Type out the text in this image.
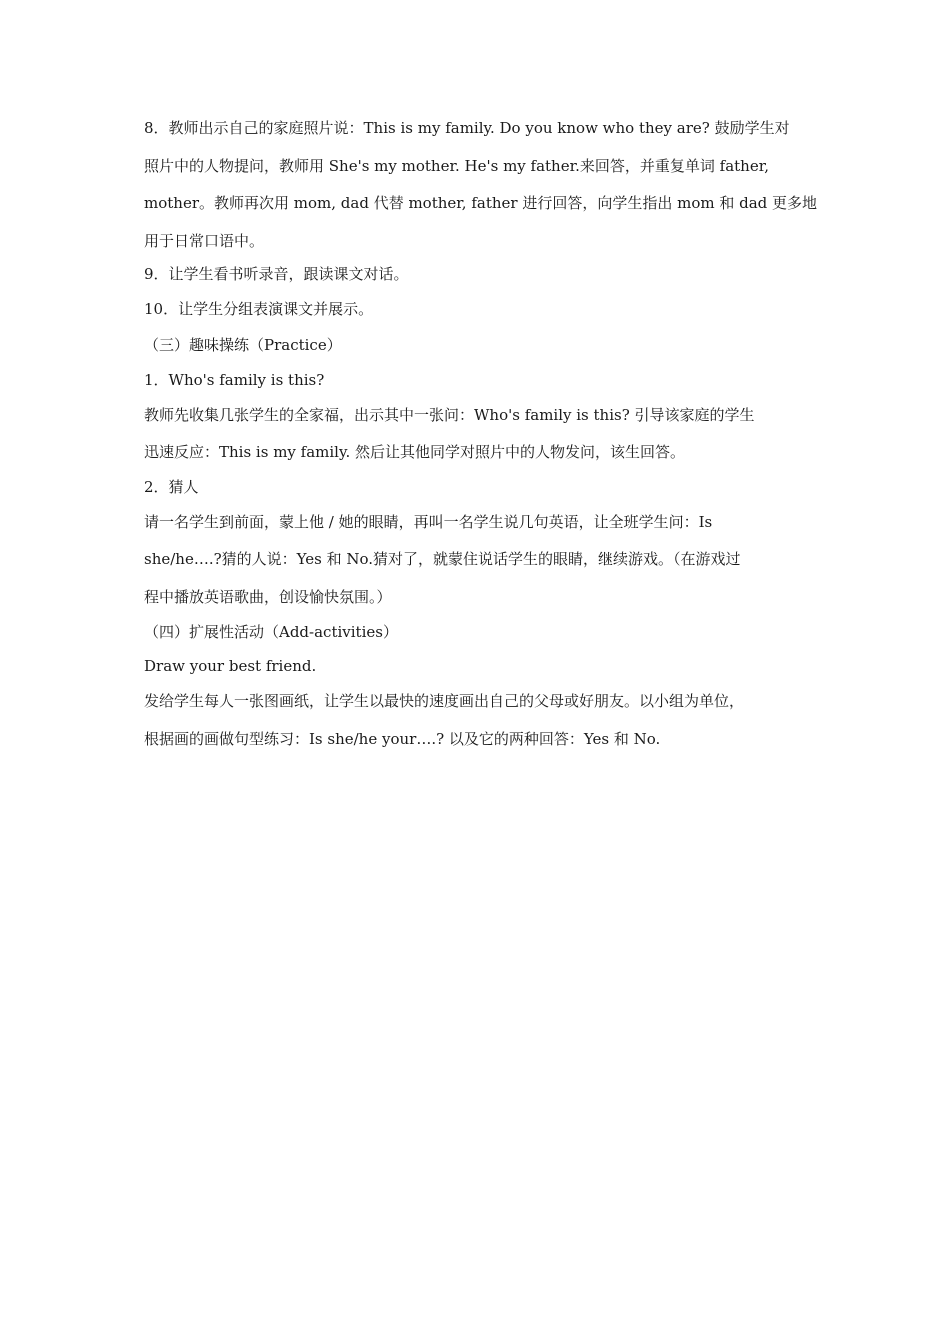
8．教师出示自己的家庭照片说：This is my family. Do you know who they are? 鼓励学生对
照片中的人物提问，教师用 She's my mother. He's my father.来回答，并重复单词 father,
mother。教师再次用 mom, dad 代替 mother, father 进行回答，向学生指出 mom 和 dad 更多地
用于日常口语中。
9．让学生看书听录音，跟读课文对话。
10．让学生分组表演课文并展示。
（三）趣味操练（Practice）
1．Who's family is this?
教师先收集几张学生的全家福，出示其中一张问：Who's family is this? 引导该家庭的学生
迅速反应：This is my family. 然后让其他同学对照片中的人物发问，该生回答。
2．猜人
请一名学生到前面，蒙上他 / 她的眼睛，再叫一名学生说几句英语，让全班学生问：Is
she/he….?猜的人说：Yes 和 No.猜对了，就蒙住说话学生的眼睛，继续游戏。（在游戏过
程中播放英语歌曲，创设愉快氛围。）
（四）扩展性活动（Add-activities）
Draw your best friend.
发给学生每人一张图画纸，让学生以最快的速度画出自己的父母或好朋友。以小组为单位，
根据画的画做句型练习：Is she/he your….? 以及它的两种回答：Yes 和 No.
